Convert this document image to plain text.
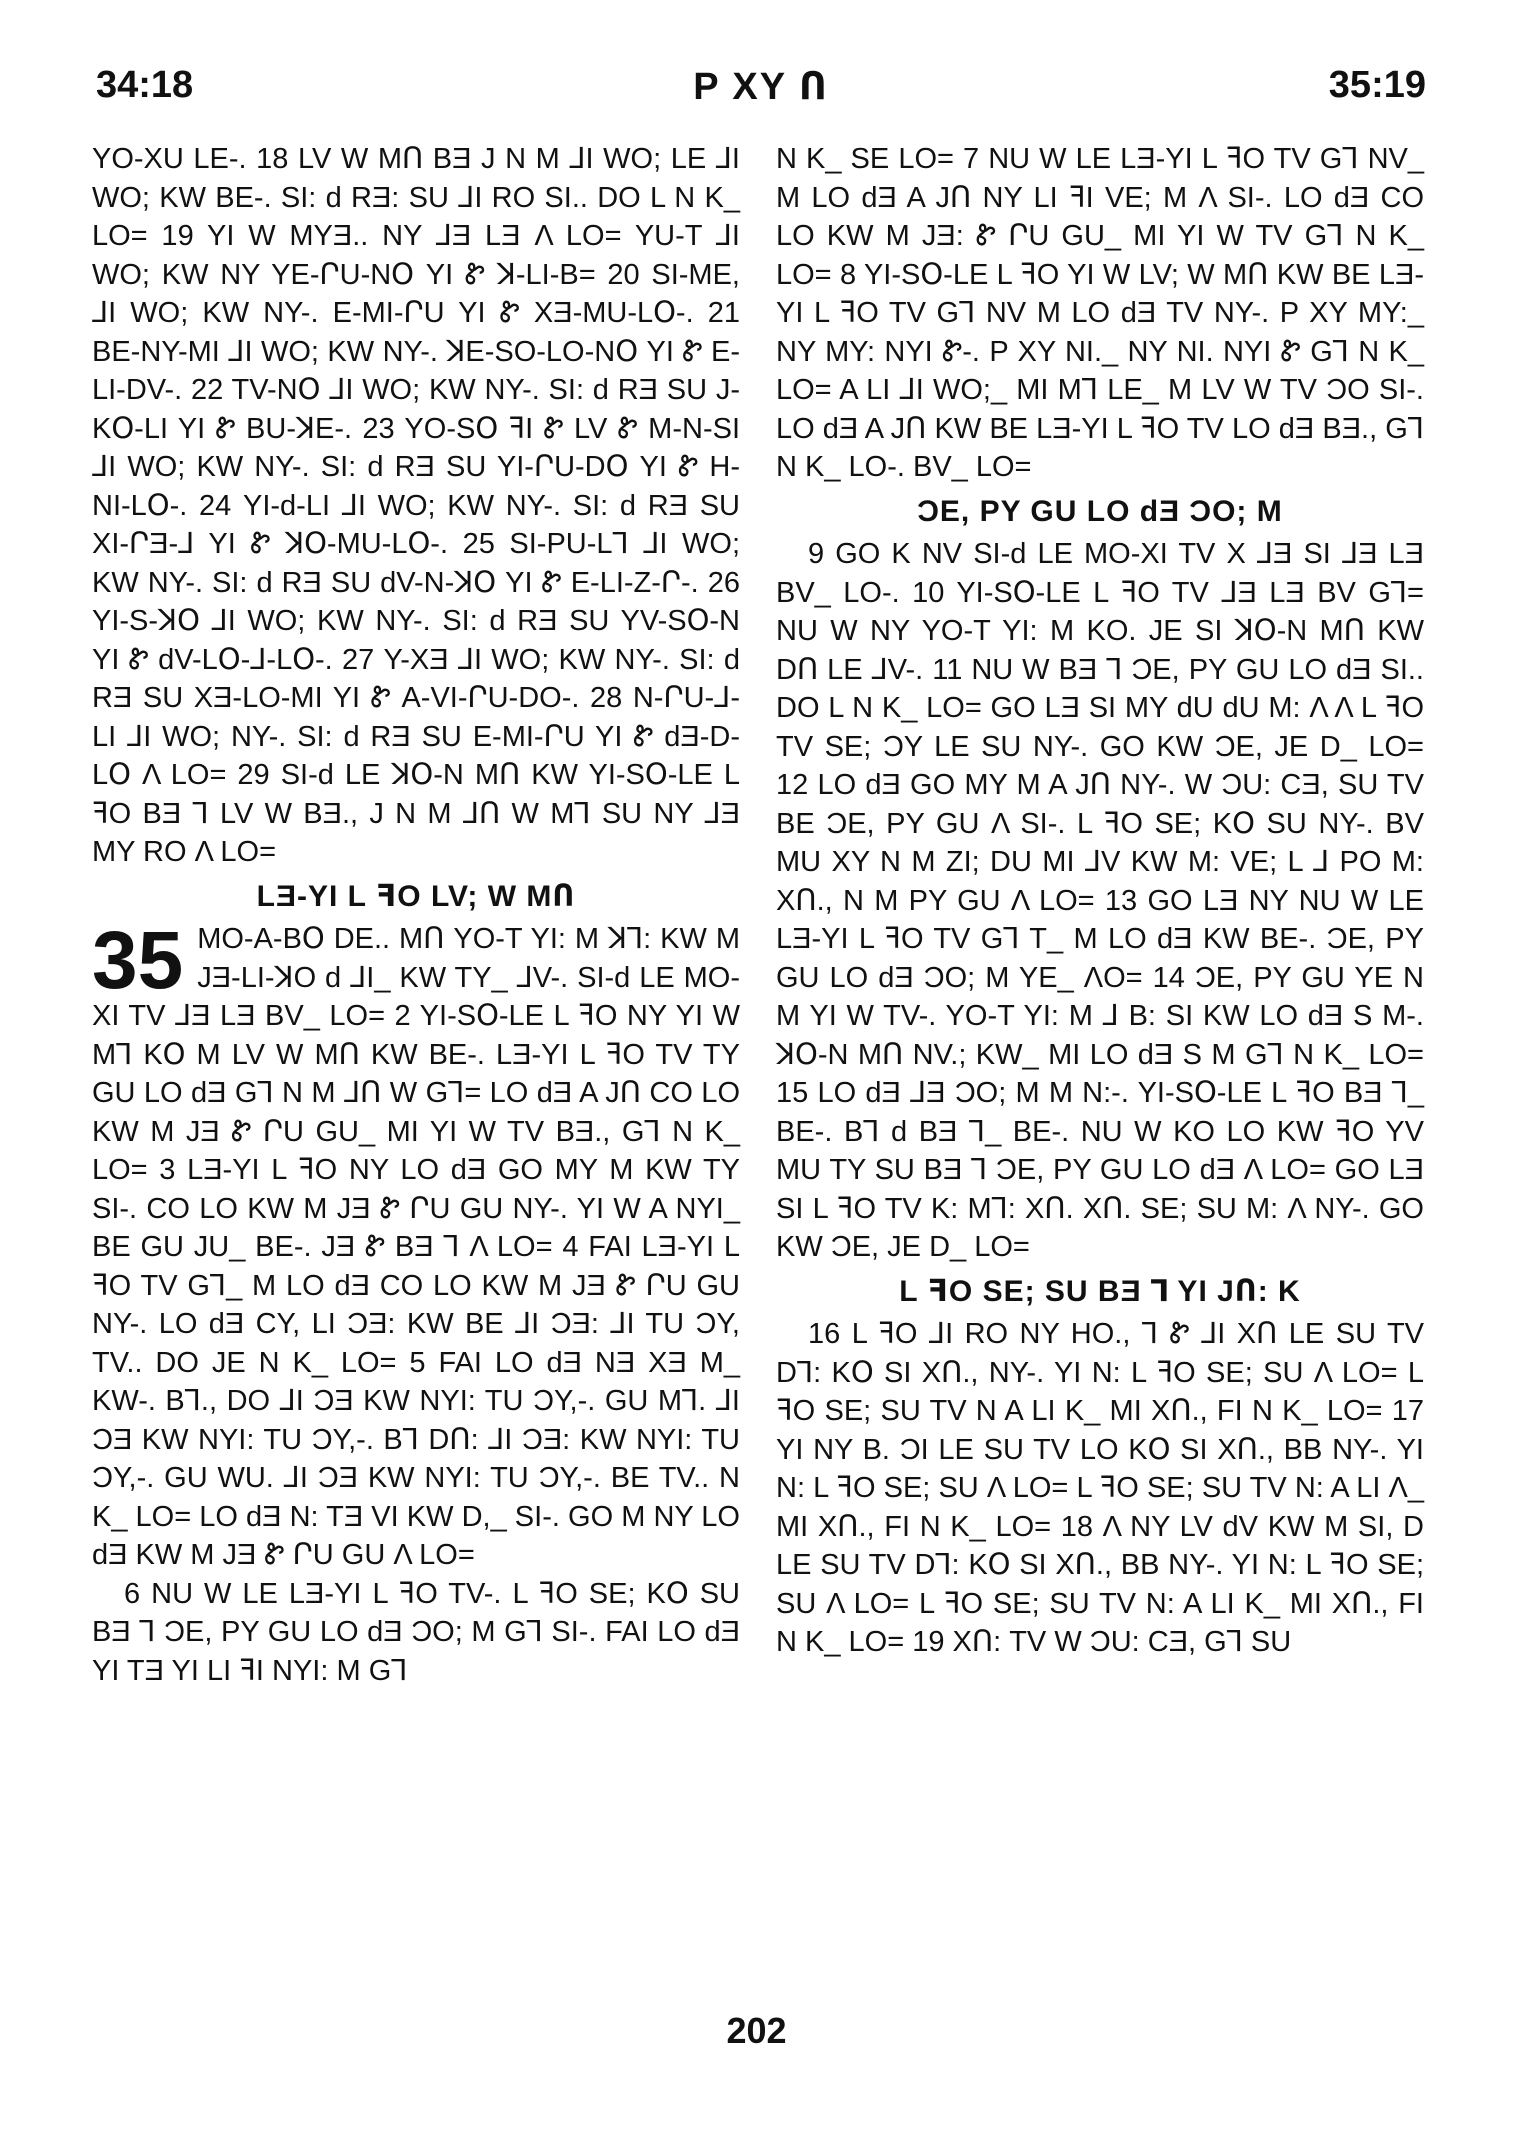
P XY Ո
34:18	35:19

YO-XU LE-. 18 LV W MՈ BƎ J N M ⅃I WO; LE ⅃I WO; KW BE-. SI: d RƎ: SU ⅃I RO SI.. DO L N K_ LO= 19 YI W MYƎ.. NY ⅃Ǝ LƎ Λ LO= YU-T ⅃I WO; KW NY YE-ՐU-NՕ YI Ꮡ ꓘ-LI-B= 20 SI-ME, ⅃I WO; KW NY-. E-MI-ՐU YI Ꮡ XƎ-MU-LՕ-. 21 BE-NY-MI ⅃I WO; KW NY-. ꓘE-SO-LO-NՕ YI Ꮡ E-LI-DV-. 22 TV-NՕ ⅃I WO; KW NY-. SI: d RƎ SU J-KՕ-LI YI Ꮡ BU-ꓘE-. 23 YO-SՕ ꟻI Ꮡ LV Ꮡ M-N-SI ⅃I WO; KW NY-. SI: d RƎ SU YI-ՐU-DՕ YI Ꮡ H-NI-LՕ-. 24 YI-d-LI ⅃I WO; KW NY-. SI: d RƎ SU XI-ՐƎ-⅃ YI Ꮡ ꓘՕ-MU-LՕ-. 25 SI-PU-L⅂ ⅃I WO; KW NY-. SI: d RƎ SU dV-N-ꓘՕ YI Ꮡ E-LI-Z-Ր-. 26 YI-S-ꓘՕ ⅃I WO; KW NY-. SI: d RƎ SU YV-SՕ-N YI Ꮡ dV-LՕ-⅃-LՕ-. 27 Y-XƎ ⅃I WO; KW NY-. SI: d RƎ SU XƎ-LO-MI YI Ꮡ A-VI-ՐU-DO-. 28 N-ՐU-⅃-LI ⅃I WO; NY-. SI: d RƎ SU E-MI-ՐU YI Ꮡ dƎ-D-LՕ Λ LO= 29 SI-d LE ꓘՕ-N MՈ KW YI-SՕ-LE L ꟻO BƎ ⅂ LV W BƎ., J N M ⅃Ո W M⅂ SU NY ⅃Ǝ MY RO Λ LO=

LƎ-YI L ꟻO LV; W MՈ
35 MO-A-BՕ DE.. MՈ YO-T YI: M ꓘ⅂: KW M JƎ-LI-ꓘO d ⅃I_ KW TY_ ⅃V-. SI-d LE MO-XI TV ⅃Ǝ LƎ BV_ LO= 2 YI-SՕ-LE L ꟻO NY YI W M⅂ KՕ M LV W MՈ KW BE-. LƎ-YI L ꟻO TV TY GU LO dƎ G⅂ N M ⅃Ո W G⅂= LO dƎ A JՈ CO LO KW M JƎ Ꮡ ՐU GU_ MI YI W TV BƎ., G⅂ N K_ LO= 3 LƎ-YI L ꟻO NY LO dƎ GO MY M KW TY SI-. CO LO KW M JƎ Ꮡ ՐU GU NY-. YI W A NYI_ BE GU JU_ BE-. JƎ Ꮡ BƎ ⅂ Λ LO= 4 FAI LƎ-YI L ꟻO TV G⅂_ M LO dƎ CO LO KW M JƎ Ꮡ ՐU GU NY-. LO dƎ CY, LI ϽƎ: KW BE ⅃I ϽƎ: ⅃I TU ϽY, TV.. DO JE N K_ LO= 5 FAI LO dƎ NƎ XƎ M_ KW-. B⅂., DO ⅃I ϽƎ KW NYI: TU ϽY,-. GU M⅂. ⅃I ϽƎ KW NYI: TU ϽY,-. B⅂ DՈ: ⅃I ϽƎ: KW NYI: TU ϽY,-. GU WU. ⅃I ϽƎ KW NYI: TU ϽY,-. BE TV.. N K_ LO= LO dƎ N: TƎ VI KW D,_ SI-. GO M NY LO dƎ KW M JƎ Ꮡ ՐU GU Λ LO=

6 NU W LE LƎ-YI L ꟻO TV-. L ꟻO SE; KՕ SU BƎ ⅂ ϽE, PY GU LO dƎ ϽO; M G⅂ SI-. FAI LO dƎ YI TƎ YI LI ꟻI NYI: M G⅂

N K_ SE LO= 7 NU W LE LƎ-YI L ꟻO TV G⅂ NV_ M LO dƎ A JՈ NY LI ꟻI VE; M Λ SI-. LO dƎ CO LO KW M JƎ: Ꮡ ՐU GU_ MI YI W TV G⅂ N K_ LO= 8 YI-SՕ-LE L ꟻO YI W LV; W MՈ KW BE LƎ-YI L ꟻO TV G⅂ NV M LO dƎ TV NY-. P XY MY:_ NY MY: NYI Ꮡ-. P XY NI._ NY NI. NYI Ꮡ G⅂ N K_ LO= A LI ⅃I WO;_ MI M⅂ LE_ M LV W TV ϽO SI-. LO dƎ A JՈ KW BE LƎ-YI L ꟻO TV LO dƎ BƎ., G⅂ N K_ LO-. BV_ LO=

ϽE, PY GU LO dƎ ϽO; M

9 GO K NV SI-d LE MO-XI TV X ⅃Ǝ SI ⅃Ǝ LƎ BV_ LO-. 10 YI-SՕ-LE L ꟻO TV ⅃Ǝ LƎ BV G⅂= NU W NY YO-T YI: M KO. JE SI ꓘՕ-N MՈ KW DՈ LE ⅃V-. 11 NU W BƎ ⅂ ϽE, PY GU LO dƎ SI.. DO L N K_ LO= GO LƎ SI MY dU dU M: Λ Λ L ꟻO TV SE; ϽY LE SU NY-. GO KW ϽE, JE D_ LO= 12 LO dƎ GO MY M A JՈ NY-. W ϽU: CƎ, SU TV BE ϽE, PY GU Λ SI-. L ꟻO SE; KՕ SU NY-. BV MU XY N M ZI; DU MI ⅃V KW M: VE; L ⅃ PO M: XՈ., N M PY GU Λ LO= 13 GO LƎ NY NU W LE LƎ-YI L ꟻO TV G⅂ T_ M LO dƎ KW BE-. ϽE, PY GU LO dƎ ϽO; M YE_ ΛO= 14 ϽE, PY GU YE N M YI W TV-. YO-T YI: M ⅃ B: SI KW LO dƎ S M-. ꓘՕ-N MՈ NV.; KW_ MI LO dƎ S M G⅂ N K_ LO= 15 LO dƎ ⅃Ǝ ϽO; M M N:-. YI-SՕ-LE L ꟻO BƎ ⅂_ BE-. B⅂ d BƎ ⅂_ BE-. NU W KO LO KW ꟻO YV MU TY SU BƎ ⅂ ϽE, PY GU LO dƎ Λ LO= GO LƎ SI L ꟻO TV K: M⅂: XՈ. XՈ. SE; SU M: Λ NY-. GO KW ϽE, JE D_ LO=

L ꟻO SE; SU BƎ ⅂ YI JՈ: K

16 L ꟻO ⅃I RO NY HO., ⅂ Ꮡ ⅃I XՈ LE SU TV D⅂: KՕ SI XՈ., NY-. YI N: L ꟻO SE; SU Λ LO= L ꟻO SE; SU TV N A LI K_ MI XՈ., FI N K_ LO= 17 YI NY B. ϽI LE SU TV LO KՕ SI XՈ., BB NY-. YI N: L ꟻO SE; SU Λ LO= L ꟻO SE; SU TV N: A LI Λ_ MI XՈ., FI N K_ LO= 18 Λ NY LV dV KW M SI, D LE SU TV D⅂: KՕ SI XՈ., BB NY-. YI N: L ꟻO SE; SU Λ LO= L ꟻO SE; SU TV N: A LI K_ MI XՈ., FI N K_ LO= 19 XՈ: TV W ϽU: CƎ, G⅂ SU

202
